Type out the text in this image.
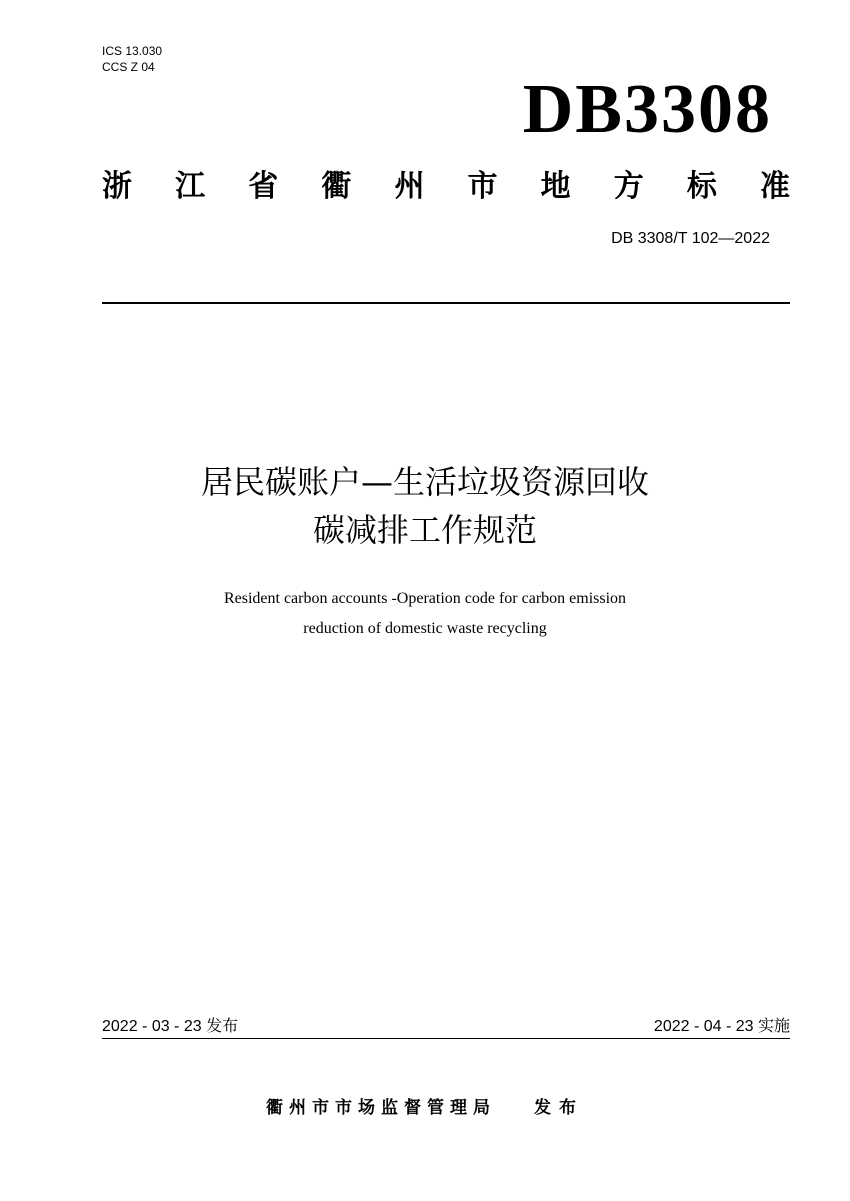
ICS 13.030
CCS Z 04
DB3308
浙 江 省 衢 州 市 地 方 标 准
DB 3308/T 102—2022
居民碳账户—生活垃圾资源回收
碳减排工作规范
Resident carbon accounts -Operation code for carbon emission
reduction of domestic waste recycling
2022 - 03 - 23 发布	2022 - 04 - 23 实施
衢州市市场监督管理局 发布
